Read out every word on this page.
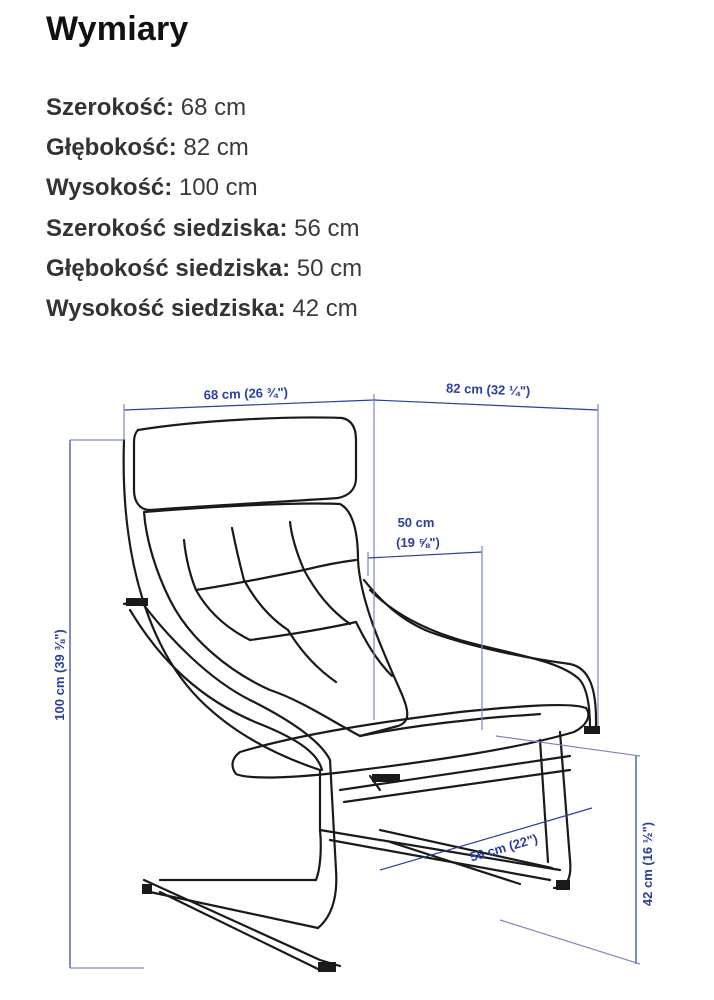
Wymiary
Szerokość: 68 cm
Głębokość: 82 cm
Wysokość: 100 cm
Szerokość siedziska: 56 cm
Głębokość siedziska: 50 cm
Wysokość siedziska: 42 cm
68 cm (26 ¾")	82 cm (32 ¼")
100 cm (39 ⅜")
50 cm
(19 ⅝")
56 cm (22")	42 cm (16 ½")
